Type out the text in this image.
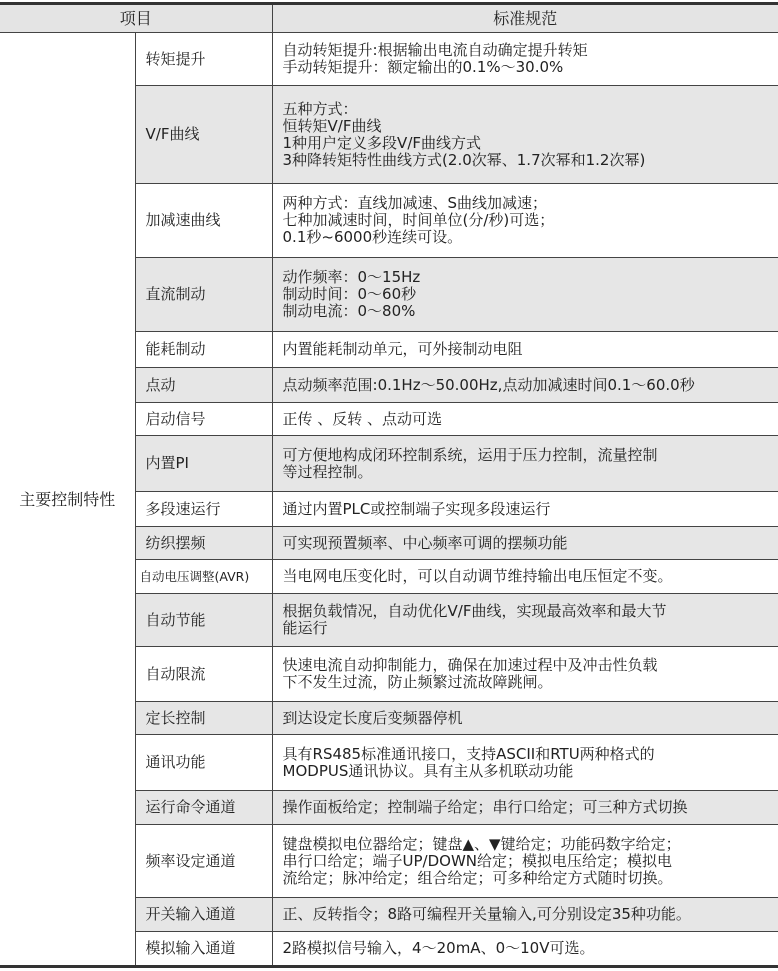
项目		标准规范
主要控制特性	转矩提升	自动转矩提升:根据输出电流自动确定提升转矩
手动转矩提升：额定输出的0.1%～30.0%
	V/F曲线	五种方式：
恒转矩V/F曲线
1种用户定义多段V/F曲线方式
3种降转矩特性曲线方式(2.0次幂、1.7次幂和1.2次幂)
	加减速曲线	两种方式：直线加减速、S曲线加减速；
七种加减速时间，时间单位(分/秒)可选；
0.1秒~6000秒连续可设。
	直流制动	动作频率：0～15Hz
制动时间：0～60秒
制动电流：0～80%
	能耗制动	内置能耗制动单元，可外接制动电阻
	点动	点动频率范围:0.1Hz～50.00Hz,点动加减速时间0.1～60.0秒
	启动信号	正传 、反转 、点动可选
	内置PI	可方便地构成闭环控制系统，运用于压力控制，流量控制
等过程控制。
	多段速运行	通过内置PLC或控制端子实现多段速运行
	纺织摆频	可实现预置频率、中心频率可调的摆频功能
	自动电压调整(AVR)	当电网电压变化时，可以自动调节维持输出电压恒定不变。
	自动节能	根据负载情况，自动优化V/F曲线，实现最高效率和最大节
能运行
	自动限流	快速电流自动抑制能力，确保在加速过程中及冲击性负载
下不发生过流，防止频繁过流故障跳闸。
	定长控制	到达设定长度后变频器停机
	通讯功能	具有RS485标准通讯接口，支持ASCII和RTU两种格式的
MODPUS通讯协议。具有主从多机联动功能
	运行命令通道	操作面板给定；控制端子给定；串行口给定；可三种方式切换
	频率设定通道	键盘模拟电位器给定；键盘▲、▼键给定；功能码数字给定；
串行口给定；端子UP/DOWN给定；模拟电压给定；模拟电
流给定；脉冲给定；组合给定；可多种给定方式随时切换。
	开关输入通道	正、反转指令；8路可编程开关量输入,可分别设定35种功能。
	模拟输入通道	2路模拟信号输入，4～20mA、0～10V可选。
